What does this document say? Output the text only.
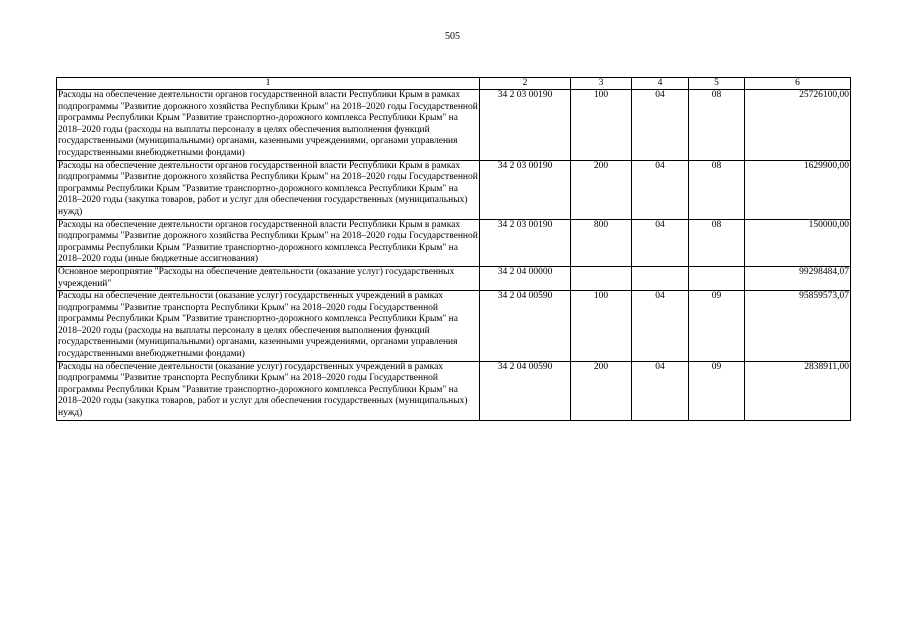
505
1	2	3	4	5	6
Расходы на обеспечение деятельности органов государственной власти Республики Крым в рамках подпрограммы "Развитие дорожного хозяйства Республики Крым" на 2018–2020 годы Государственной программы Республики Крым "Развитие транспортно-дорожного комплекса Республики Крым" на 2018–2020 годы (расходы на выплаты персоналу в целях обеспечения выполнения функций государственными (муниципальными) органами, казенными учреждениями, органами управления государственными внебюджетными фондами)	34 2 03 00190	100	04	08	25726100,00
Расходы на обеспечение деятельности органов государственной власти Республики Крым в рамках подпрограммы "Развитие дорожного хозяйства Республики Крым" на 2018–2020 годы Государственной программы Республики Крым "Развитие транспортно-дорожного комплекса Республики Крым" на 2018–2020 годы (закупка товаров, работ и услуг для обеспечения государственных (муниципальных) нужд)	34 2 03 00190	200	04	08	1629900,00
Расходы на обеспечение деятельности органов государственной власти Республики Крым в рамках подпрограммы "Развитие дорожного хозяйства Республики Крым" на 2018–2020 годы Государственной программы Республики Крым "Развитие транспортно-дорожного комплекса Республики Крым" на 2018–2020 годы (иные бюджетные ассигнования)	34 2 03 00190	800	04	08	150000,00
Основное мероприятие "Расходы на обеспечение деятельности (оказание услуг) государственных учреждений"	34 2 04 00000				99298484,07
Расходы на обеспечение деятельности (оказание услуг) государственных учреждений в рамках подпрограммы "Развитие транспорта Республики Крым" на 2018–2020 годы Государственной программы Республики Крым "Развитие транспортно-дорожного комплекса Республики Крым" на 2018–2020 годы (расходы на выплаты персоналу в целях обеспечения выполнения функций государственными (муниципальными) органами, казенными учреждениями, органами управления государственными внебюджетными фондами)	34 2 04 00590	100	04	09	95859573,07
Расходы на обеспечение деятельности (оказание услуг) государственных учреждений в рамках подпрограммы "Развитие транспорта Республики Крым" на 2018–2020 годы Государственной программы Республики Крым "Развитие транспортно-дорожного комплекса Республики Крым" на 2018–2020 годы (закупка товаров, работ и услуг для обеспечения государственных (муниципальных) нужд)	34 2 04 00590	200	04	09	2838911,00
